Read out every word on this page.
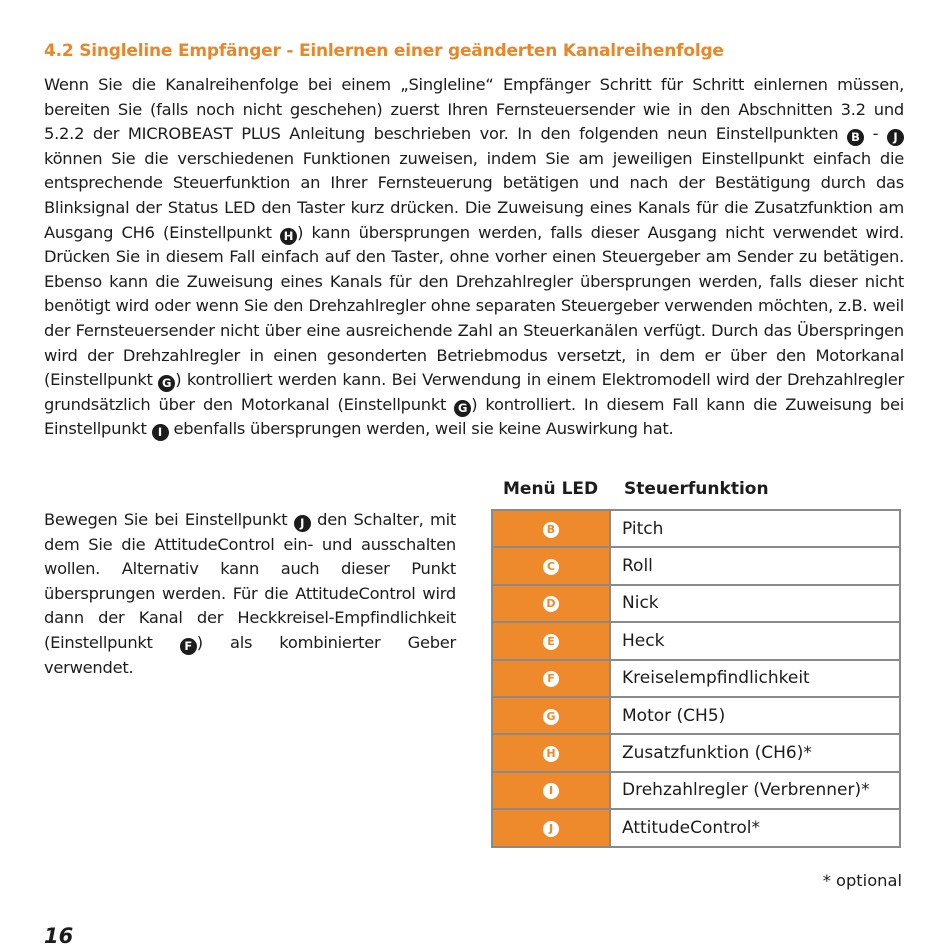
4.2 Singleline Empfänger - Einlernen einer geänderten Kanalreihenfolge

Wenn Sie die Kanalreihenfolge bei einem „Singleline“ Empfänger Schritt für Schritt einlernen müssen, bereiten Sie (falls noch nicht geschehen) zuerst Ihren Fernsteuersender wie in den Abschnitten 3.2 und 5.2.2 der MICROBEAST PLUS Anleitung beschrieben vor. In den folgenden neun Einstellpunkten B - J können Sie die verschiedenen Funktionen zuweisen, indem Sie am jeweiligen Einstellpunkt einfach die entsprechende Steuerfunktion an Ihrer Fernsteuerung betätigen und nach der Bestätigung durch das Blinksignal der Status LED den Taster kurz drücken. Die Zuweisung eines Kanals für die Zusatzfunktion am Ausgang CH6 (Einstellpunkt H ) kann übersprungen werden, falls dieser Ausgang nicht verwendet wird. Drücken Sie in diesem Fall einfach auf den Taster, ohne vorher einen Steuergeber am Sender zu betätigen. Ebenso kann die Zuweisung eines Kanals für den Drehzahlregler übersprungen werden, falls dieser nicht benötigt wird oder wenn Sie den Drehzahlregler ohne separaten Steuergeber verwenden möchten, z.B. weil der Fernsteuersender nicht über eine ausreichende Zahl an Steuerkanälen verfügt. Durch das Überspringen wird der Drehzahlregler in einen gesonderten Betriebmodus versetzt, in dem er über den Motorkanal (Einstellpunkt G ) kontrolliert werden kann. Bei Verwendung in einem Elektromodell wird der Drehzahlregler grundsätzlich über den Motorkanal (Einstellpunkt G ) kontrolliert. In diesem Fall kann die Zuweisung bei Einstellpunkt I ebenfalls übersprungen werden, weil sie keine Auswirkung hat.

Bewegen Sie bei Einstellpunkt J den Schalter, mit dem Sie die AttitudeControl ein- und ausschalten wollen. Alternativ kann auch dieser Punkt übersprungen werden. Für die AttitudeControl wird dann der Kanal der Heckkreisel-Empfindlichkeit (Einstellpunkt F ) als kombinierter Geber verwendet.

Menü LED Steuerfunktion
B	Pitch
C	Roll
D	Nick
E	Heck
F	Kreiselempfindlichkeit
G	Motor (CH5)
H	Zusatzfunktion (CH6)*
I	Drehzahlregler (Verbrenner)*
J	AttitudeControl*
* optional
16
